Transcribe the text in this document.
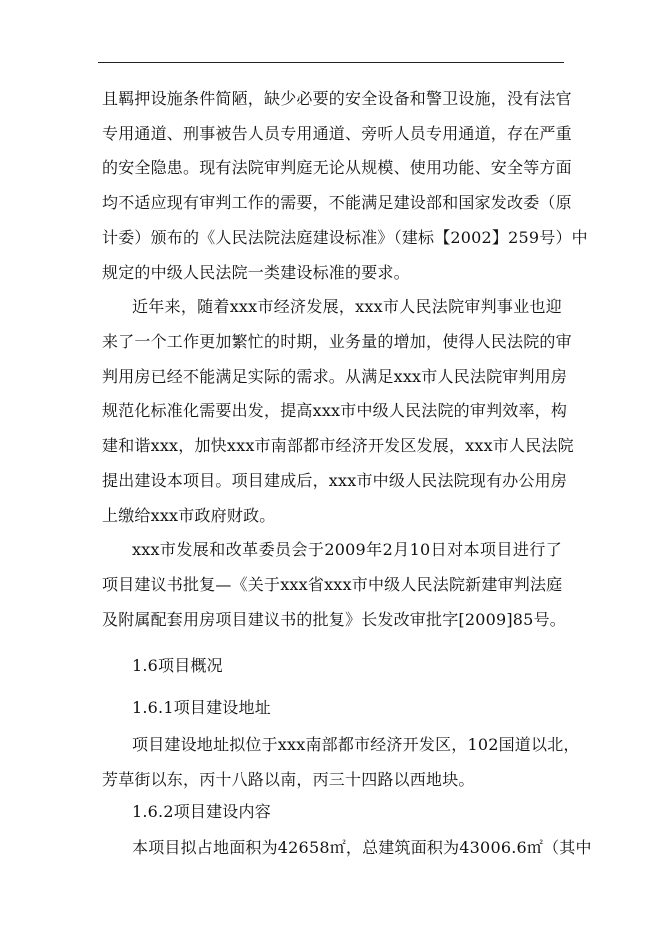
且羁押设施条件简陋，缺少必要的安全设备和警卫设施，没有法官
专用通道、刑事被告人员专用通道、旁听人员专用通道，存在严重
的安全隐患。现有法院审判庭无论从规模、使用功能、安全等方面
均不适应现有审判工作的需要，不能满足建设部和国家发改委（原
计委）颁布的《人民法院法庭建设标准》（建标【2002】259号）中
规定的中级人民法院一类建设标准的要求。
近年来，随着xxx市经济发展，xxx市人民法院审判事业也迎
来了一个工作更加繁忙的时期，业务量的增加，使得人民法院的审
判用房已经不能满足实际的需求。从满足xxx市人民法院审判用房
规范化标准化需要出发，提高xxx市中级人民法院的审判效率，构
建和谐xxx，加快xxx市南部都市经济开发区发展，xxx市人民法院
提出建设本项目。项目建成后，xxx市中级人民法院现有办公用房
上缴给xxx市政府财政。
xxx市发展和改革委员会于2009年2月10日对本项目进行了
项目建议书批复—《关于xxx省xxx市中级人民法院新建审判法庭
及附属配套用房项目建议书的批复》长发改审批字[2009]85号。
1.6项目概况
1.6.1项目建设地址
项目建设地址拟位于xxx南部都市经济开发区，102国道以北，
芳草街以东，丙十八路以南，丙三十四路以西地块。
1.6.2项目建设内容
本项目拟占地面积为42658㎡，总建筑面积为43006.6㎡（其中
